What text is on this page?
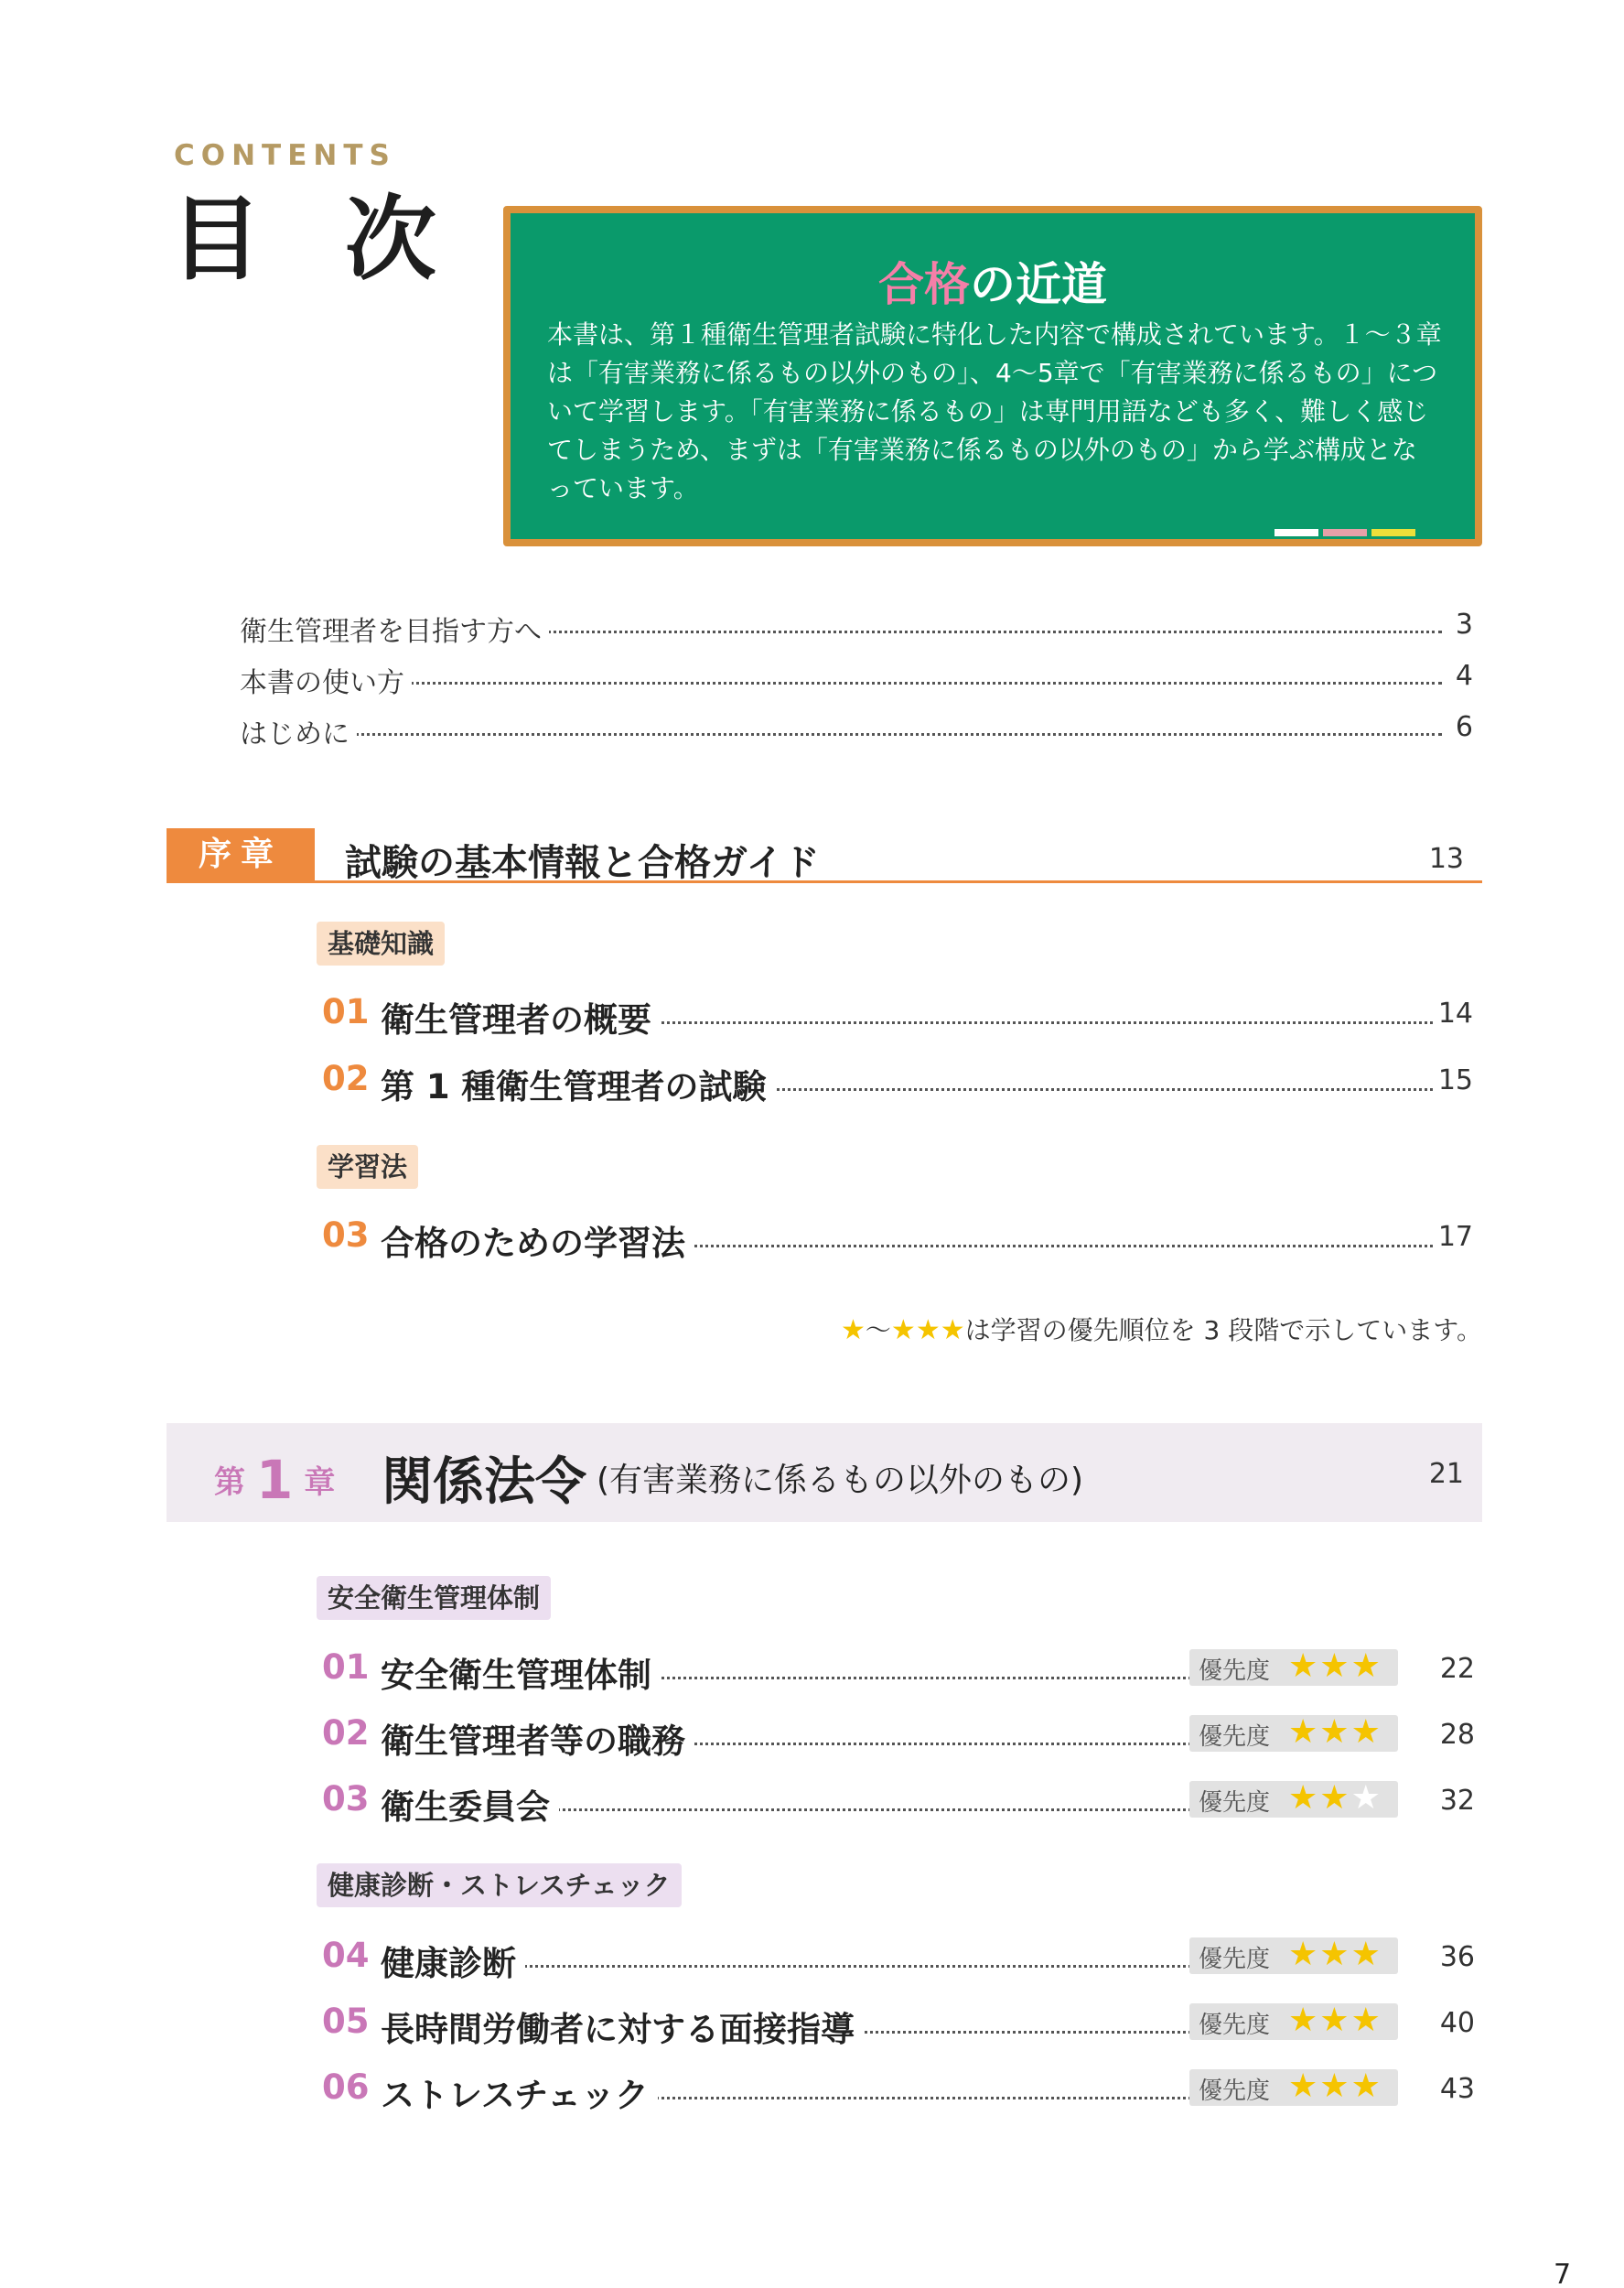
CONTENTS
目 次	合格の近道
本書は、第１種衛生管理者試験に特化した内容で構成されています。１〜３章は「有害業務に係るもの以外のもの」、4〜5章で「有害業務に係るもの」について学習します。「有害業務に係るもの」は専門用語なども多く、難しく感じてしまうため、まずは「有害業務に係るもの以外のもの」から学ぶ構成となっています。
衛生管理者を目指す方へ	3
本書の使い方	4
はじめに	6
序章	試験の基本情報と合格ガイド	13
基礎知識
01 衛生管理者の概要	14
02 第 1 種衛生管理者の試験	15
学習法
03 合格のための学習法	17
★〜★★★は学習の優先順位を 3 段階で示しています。
第 1 章 関係法令 (有害業務に係るもの以外のもの)	21
安全衛生管理体制
01 安全衛生管理体制	優先度 ★★★ 22
02 衛生管理者等の職務	優先度 ★★★ 28
03 衛生委員会	優先度 ★★★ 32
健康診断・ストレスチェック
04 健康診断	優先度 ★★★ 36
05 長時間労働者に対する面接指導	優先度 ★★★ 40
06 ストレスチェック	優先度 ★★★ 43
7
